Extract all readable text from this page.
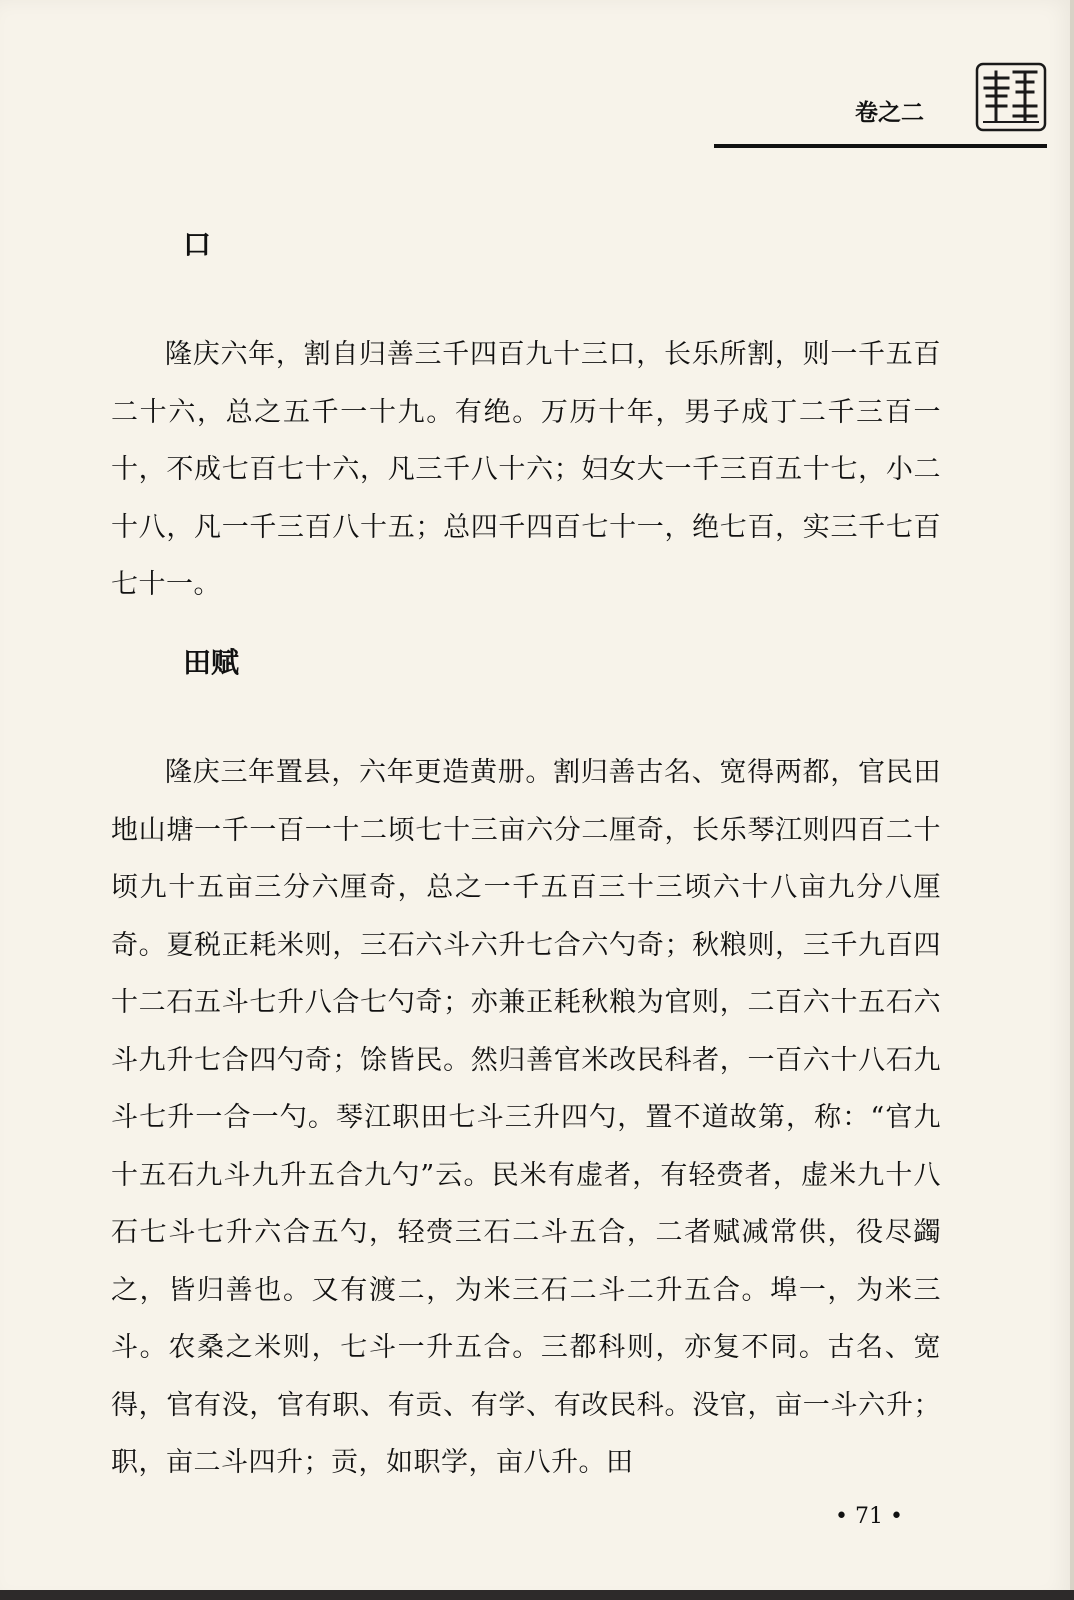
卷之二
口
隆庆六年，割自归善三千四百九十三口，长乐所割，则一千五百二十六，总之五千一十九。有绝。万历十年，男子成丁二千三百一十，不成七百七十六，凡三千八十六；妇女大一千三百五十七，小二十八，凡一千三百八十五；总四千四百七十一，绝七百，实三千七百七十一。
田赋
隆庆三年置县，六年更造黄册。割归善古名、宽得两都，官民田地山塘一千一百一十二顷七十三亩六分二厘奇，长乐琴江则四百二十顷九十五亩三分六厘奇，总之一千五百三十三顷六十八亩九分八厘奇。夏税正耗米则，三石六斗六升七合六勺奇；秋粮则，三千九百四十二石五斗七升八合七勺奇；亦兼正耗秋粮为官则，二百六十五石六斗九升七合四勺奇；馀皆民。然归善官米改民科者，一百六十八石九斗七升一合一勺。琴江职田七斗三升四勺，置不道故第，称：“官九十五石九斗九升五合九勺”云。民米有虚者，有轻赍者，虚米九十八石七斗七升六合五勺，轻赍三石二斗五合，二者赋减常供，役尽蠲之，皆归善也。又有渡二，为米三石二斗二升五合。埠一，为米三斗。农桑之米则，七斗一升五合。三都科则，亦复不同。古名、宽得，官有没，官有职、有贡、有学、有改民科。没官，亩一斗六升；职，亩二斗四升；贡，如职学，亩八升。田
• 71 •
